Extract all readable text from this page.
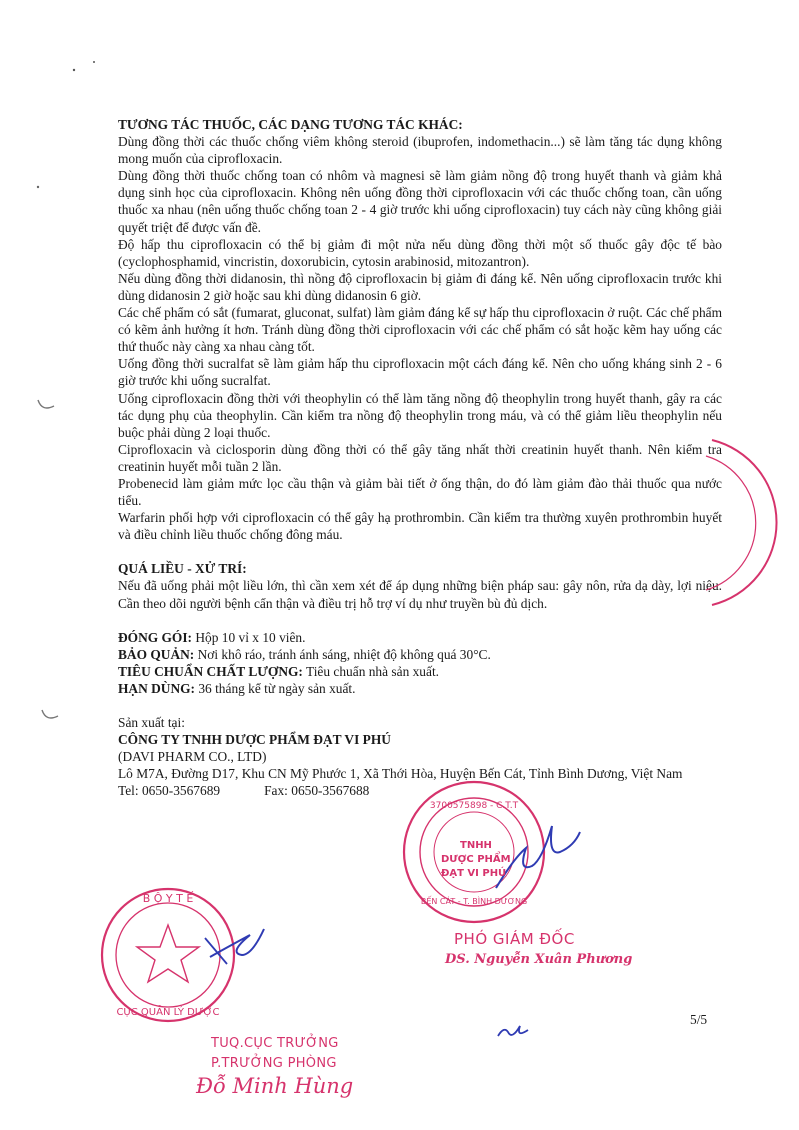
TƯƠNG TÁC THUỐC, CÁC DẠNG TƯƠNG TÁC KHÁC:

Dùng đồng thời các thuốc chống viêm không steroid (ibuprofen, indomethacin...) sẽ làm tăng tác dụng không mong muốn của ciprofloxacin.

Dùng đồng thời thuốc chống toan có nhôm và magnesi sẽ làm giảm nồng độ trong huyết thanh và giảm khả dụng sinh học của ciprofloxacin. Không nên uống đồng thời ciprofloxacin với các thuốc chống toan, cần uống thuốc xa nhau (nên uống thuốc chống toan 2 - 4 giờ trước khi uống ciprofloxacin) tuy cách này cũng không giải quyết triệt để được vấn đề.

Độ hấp thu ciprofloxacin có thể bị giảm đi một nửa nếu dùng đồng thời một số thuốc gây độc tế bào (cyclophosphamid, vincristin, doxorubicin, cytosin arabinosid, mitozantron).

Nếu dùng đồng thời didanosin, thì nồng độ ciprofloxacin bị giảm đi đáng kể. Nên uống ciprofloxacin trước khi dùng didanosin 2 giờ hoặc sau khi dùng didanosin 6 giờ.

Các chế phẩm có sắt (fumarat, gluconat, sulfat) làm giảm đáng kể sự hấp thu ciprofloxacin ở ruột. Các chế phẩm có kẽm ảnh hưởng ít hơn. Tránh dùng đồng thời ciprofloxacin với các chế phẩm có sắt hoặc kẽm hay uống các thứ thuốc này càng xa nhau càng tốt.

Uống đồng thời sucralfat sẽ làm giảm hấp thu ciprofloxacin một cách đáng kể. Nên cho uống kháng sinh 2 - 6 giờ trước khi uống sucralfat.

Uống ciprofloxacin đồng thời với theophylin có thể làm tăng nồng độ theophylin trong huyết thanh, gây ra các tác dụng phụ của theophylin. Cần kiểm tra nồng độ theophylin trong máu, và có thể giảm liều theophylin nếu buộc phải dùng 2 loại thuốc.

Ciprofloxacin và ciclosporin dùng đồng thời có thể gây tăng nhất thời creatinin huyết thanh. Nên kiểm tra creatinin huyết mỗi tuần 2 lần.

Probenecid làm giảm mức lọc cầu thận và giảm bài tiết ở ống thận, do đó làm giảm đào thải thuốc qua nước tiểu.

Warfarin phối hợp với ciprofloxacin có thể gây hạ prothrombin. Cần kiểm tra thường xuyên prothrombin huyết và điều chỉnh liều thuốc chống đông máu.

QUÁ LIỀU - XỬ TRÍ:

Nếu đã uống phải một liều lớn, thì cần xem xét để áp dụng những biện pháp sau: gây nôn, rửa dạ dày, lợi niệu. Cần theo dõi người bệnh cẩn thận và điều trị hỗ trợ ví dụ như truyền bù đủ dịch.

ĐÓNG GÓI: Hộp 10 vỉ x 10 viên.

BẢO QUẢN: Nơi khô ráo, tránh ánh sáng, nhiệt độ không quá 30°C.

TIÊU CHUẨN CHẤT LƯỢNG: Tiêu chuẩn nhà sản xuất.

HẠN DÙNG: 36 tháng kể từ ngày sản xuất.

Sản xuất tại:

CÔNG TY TNHH DƯỢC PHẨM ĐẠT VI PHÚ

(DAVI PHARM CO., LTD)

Lô M7A, Đường D17, Khu CN Mỹ Phước 1, Xã Thới Hòa, Huyện Bến Cát, Tỉnh Bình Dương, Việt Nam

Tel: 0650-3567689	Fax: 0650-3567688
5/5
3700575898 - C.T.T
BẾN CÁT - T. BÌNH DƯƠNG
B Ộ Y T Ế
CỤC QUẢN LÝ DƯỢC
TNHH
DƯỢC PHẨM
ĐẠT VI PHÚ
PHÓ GIÁM ĐỐC
DS. Nguyễn Xuân Phương
TUQ.CỤC TRƯỞNG
P.TRƯỞNG PHÒNG
Đỗ Minh Hùng
